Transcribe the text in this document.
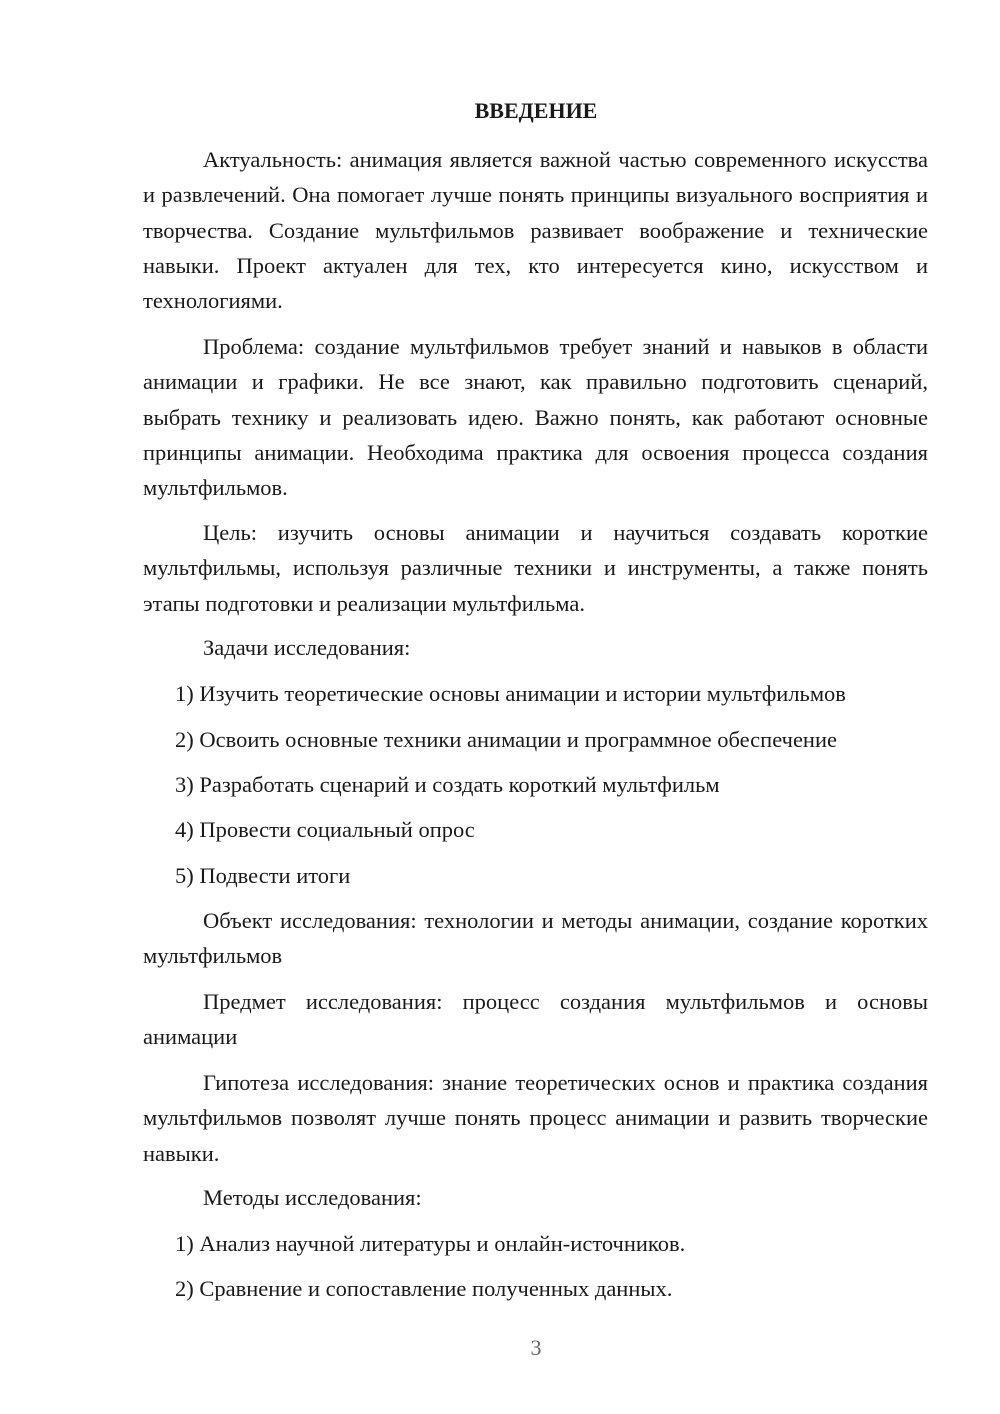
ВВЕДЕНИЕ

Актуальность: анимация является важной частью современного искусства и развлечений. Она помогает лучше понять принципы визуального восприятия и творчества. Создание мультфильмов развивает воображение и технические навыки. Проект актуален для тех, кто интересуется кино, искусством и технологиями.

Проблема: создание мультфильмов требует знаний и навыков в области анимации и графики. Не все знают, как правильно подготовить сценарий, выбрать технику и реализовать идею. Важно понять, как работают основные принципы анимации. Необходима практика для освоения процесса создания мультфильмов.

Цель: изучить основы анимации и научиться создавать короткие мультфильмы, используя различные техники и инструменты, а также понять этапы подготовки и реализации мультфильма.

Задачи исследования:
1) Изучить теоретические основы анимации и истории мультфильмов
2) Освоить основные техники анимации и программное обеспечение
3) Разработать сценарий и создать короткий мультфильм
4) Провести социальный опрос
5) Подвести итоги

Объект исследования: технологии и методы анимации, создание коротких мультфильмов

Предмет исследования: процесс создания мультфильмов и основы анимации

Гипотеза исследования: знание теоретических основ и практика создания мультфильмов позволят лучше понять процесс анимации и развить творческие навыки.

Методы исследования:
1) Анализ научной литературы и онлайн-источников.
2) Сравнение и сопоставление полученных данных.
3
